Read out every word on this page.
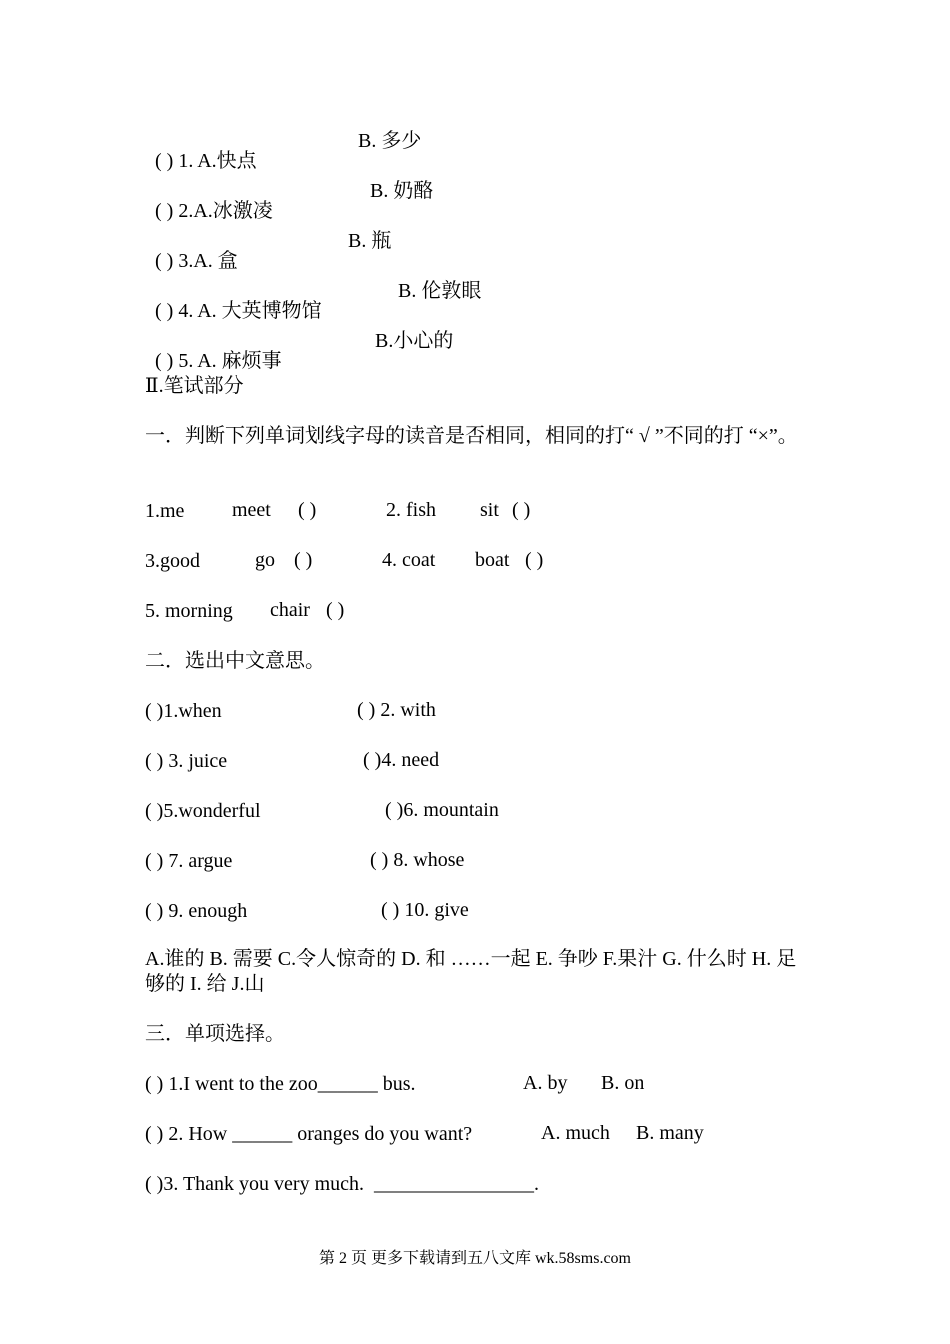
( ) 1. A.快点

B. 多少

( ) 2.A.冰激凌

B. 奶酪

( ) 3.A. 盒

B. 瓶

( ) 4. A. 大英博物馆

B. 伦敦眼

( ) 5. A. 麻烦事

B.小心的
Ⅱ.笔试部分
一．判断下列单词划线字母的读音是否相同，相同的打“ √ ”不同的打 “×”。
1.me meet ( )	2. fish sit ( )
3.good	go ( )	4. coat boat ( )
5. morning chair ( )
二．选出中文意思。
( )1.when	( ) 2. with
( ) 3. juice	( )4. need
( )5.wonderful	( )6. mountain
( ) 7. argue	( ) 8. whose
( ) 9. enough	( ) 10. give
A.谁的 B. 需要 C.令人惊奇的 D. 和 ……一起 E. 争吵 F.果汁 G. 什么时 H. 足够的 I. 给 J.山
三．单项选择。
( ) 1.I went to the zoo______ bus.	A. by B. on
( ) 2. How ______ oranges do you want?	A. much B. many
( )3. Thank you very much.  ________________.
第 2 页 更多下载请到五八文库 wk.58sms.com
